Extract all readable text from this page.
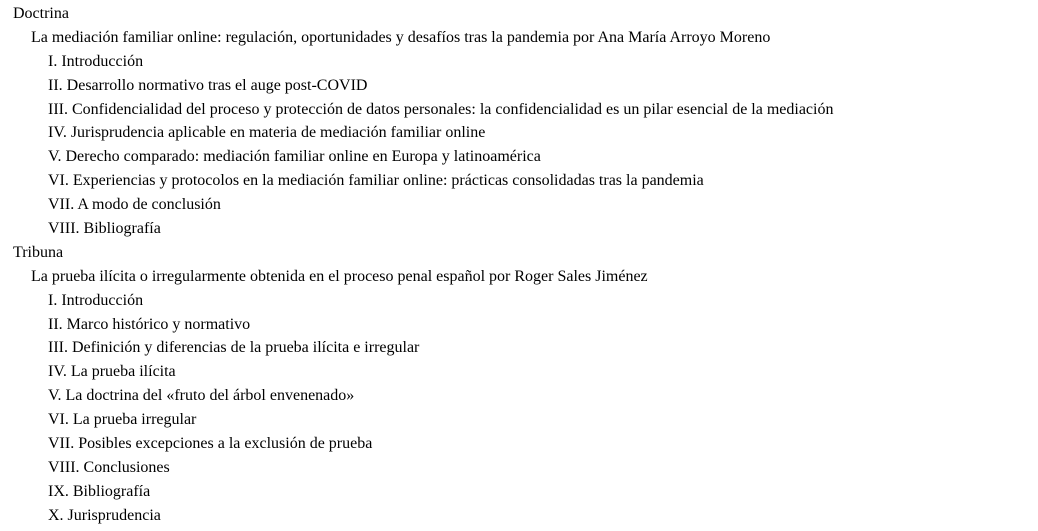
Doctrina
La mediación familiar online: regulación, oportunidades y desafíos tras la pandemia por Ana María Arroyo Moreno
I. Introducción
II. Desarrollo normativo tras el auge post-COVID
III. Confidencialidad del proceso y protección de datos personales: la confidencialidad es un pilar esencial de la mediación
IV. Jurisprudencia aplicable en materia de mediación familiar online
V. Derecho comparado: mediación familiar online en Europa y latinoamérica
VI. Experiencias y protocolos en la mediación familiar online: prácticas consolidadas tras la pandemia
VII. A modo de conclusión
VIII. Bibliografía
Tribuna
La prueba ilícita o irregularmente obtenida en el proceso penal español por Roger Sales Jiménez
I. Introducción
II. Marco histórico y normativo
III. Definición y diferencias de la prueba ilícita e irregular
IV. La prueba ilícita
V. La doctrina del «fruto del árbol envenenado»
VI. La prueba irregular
VII. Posibles excepciones a la exclusión de prueba
VIII. Conclusiones
IX. Bibliografía
X. Jurisprudencia
